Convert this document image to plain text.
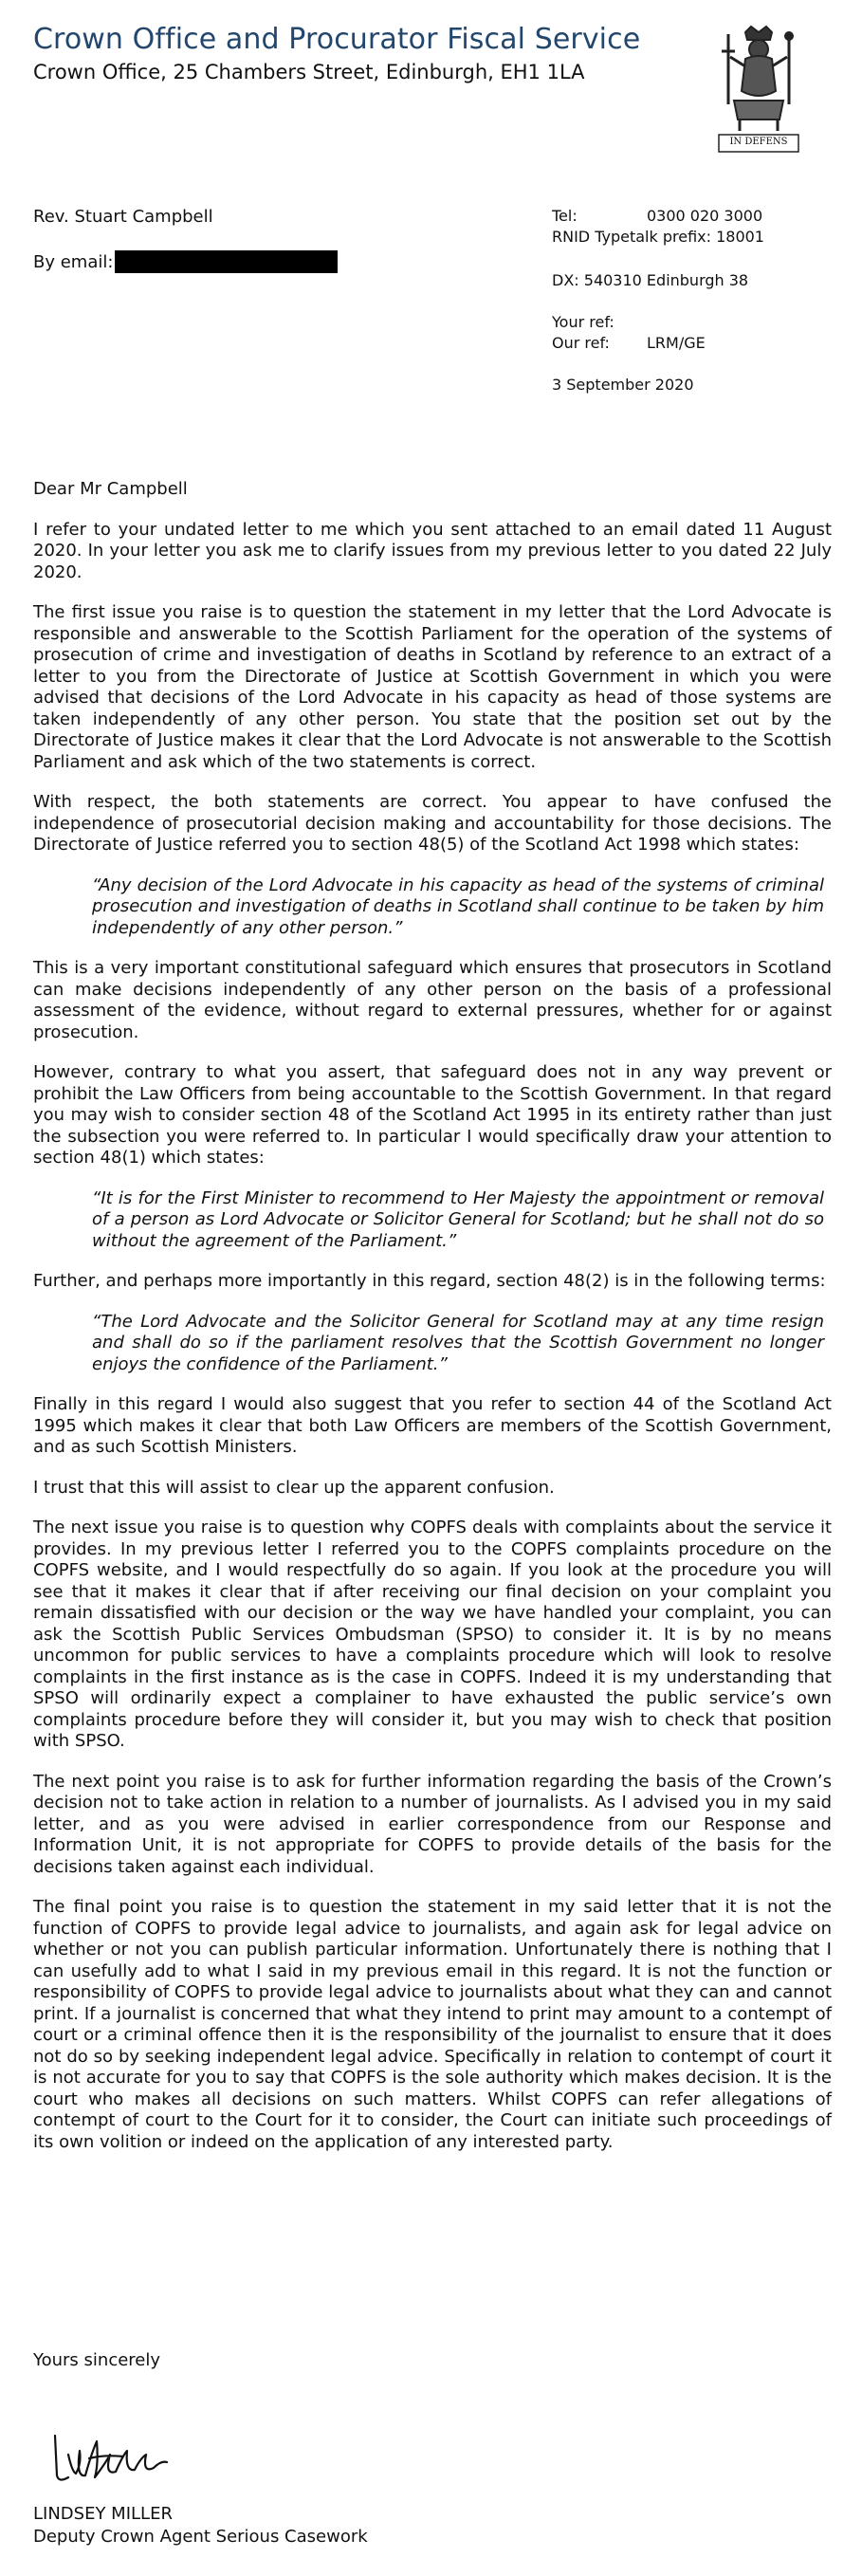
Crown Office and Procurator Fiscal Service
Crown Office, 25 Chambers Street, Edinburgh, EH1 1LA
IN DEFENS
Rev. Stuart Campbell
By email:
Tel:	0300 020 3000
RNID Typetalk prefix: 18001
DX: 540310 Edinburgh 38
Your ref:
Our ref: LRM/GE
3 September 2020

Dear Mr Campbell

I refer to your undated letter to me which you sent attached to an email dated 11 August 2020. In your letter you ask me to clarify issues from my previous letter to you dated 22 July 2020.

The first issue you raise is to question the statement in my letter that the Lord Advocate is responsible and answerable to the Scottish Parliament for the operation of the systems of prosecution of crime and investigation of deaths in Scotland by reference to an extract of a letter to you from the Directorate of Justice at Scottish Government in which you were advised that decisions of the Lord Advocate in his capacity as head of those systems are taken independently of any other person. You state that the position set out by the Directorate of Justice makes it clear that the Lord Advocate is not answerable to the Scottish Parliament and ask which of the two statements is correct.

With respect, the both statements are correct. You appear to have confused the independence of prosecutorial decision making and accountability for those decisions. The Directorate of Justice referred you to section 48(5) of the Scotland Act 1998 which states:

“Any decision of the Lord Advocate in his capacity as head of the systems of criminal prosecution and investigation of deaths in Scotland shall continue to be taken by him independently of any other person.”

This is a very important constitutional safeguard which ensures that prosecutors in Scotland can make decisions independently of any other person on the basis of a professional assessment of the evidence, without regard to external pressures, whether for or against prosecution.

However, contrary to what you assert, that safeguard does not in any way prevent or prohibit the Law Officers from being accountable to the Scottish Government. In that regard you may wish to consider section 48 of the Scotland Act 1995 in its entirety rather than just the subsection you were referred to. In particular I would specifically draw your attention to section 48(1) which states:

“It is for the First Minister to recommend to Her Majesty the appointment or removal of a person as Lord Advocate or Solicitor General for Scotland; but he shall not do so without the agreement of the Parliament.”

Further, and perhaps more importantly in this regard, section 48(2) is in the following terms:

“The Lord Advocate and the Solicitor General for Scotland may at any time resign and shall do so if the parliament resolves that the Scottish Government no longer enjoys the confidence of the Parliament.”

Finally in this regard I would also suggest that you refer to section 44 of the Scotland Act 1995 which makes it clear that both Law Officers are members of the Scottish Government, and as such Scottish Ministers.

I trust that this will assist to clear up the apparent confusion.

The next issue you raise is to question why COPFS deals with complaints about the service it provides. In my previous letter I referred you to the COPFS complaints procedure on the COPFS website, and I would respectfully do so again. If you look at the procedure you will see that it makes it clear that if after receiving our final decision on your complaint you remain dissatisfied with our decision or the way we have handled your complaint, you can ask the Scottish Public Services Ombudsman (SPSO) to consider it. It is by no means uncommon for public services to have a complaints procedure which will look to resolve complaints in the first instance as is the case in COPFS. Indeed it is my understanding that SPSO will ordinarily expect a complainer to have exhausted the public service’s own complaints procedure before they will consider it, but you may wish to check that position with SPSO.

The next point you raise is to ask for further information regarding the basis of the Crown’s decision not to take action in relation to a number of journalists. As I advised you in my said letter, and as you were advised in earlier correspondence from our Response and Information Unit, it is not appropriate for COPFS to provide details of the basis for the decisions taken against each individual.

The final point you raise is to question the statement in my said letter that it is not the function of COPFS to provide legal advice to journalists, and again ask for legal advice on whether or not you can publish particular information. Unfortunately there is nothing that I can usefully add to what I said in my previous email in this regard. It is not the function or responsibility of COPFS to provide legal advice to journalists about what they can and cannot print. If a journalist is concerned that what they intend to print may amount to a contempt of court or a criminal offence then it is the responsibility of the journalist to ensure that it does not do so by seeking independent legal advice. Specifically in relation to contempt of court it is not accurate for you to say that COPFS is the sole authority which makes decision. It is the court who makes all decisions on such matters. Whilst COPFS can refer allegations of contempt of court to the Court for it to consider, the Court can initiate such proceedings of its own volition or indeed on the application of any interested party.

Yours sincerely
LINDSEY MILLER
Deputy Crown Agent Serious Casework
